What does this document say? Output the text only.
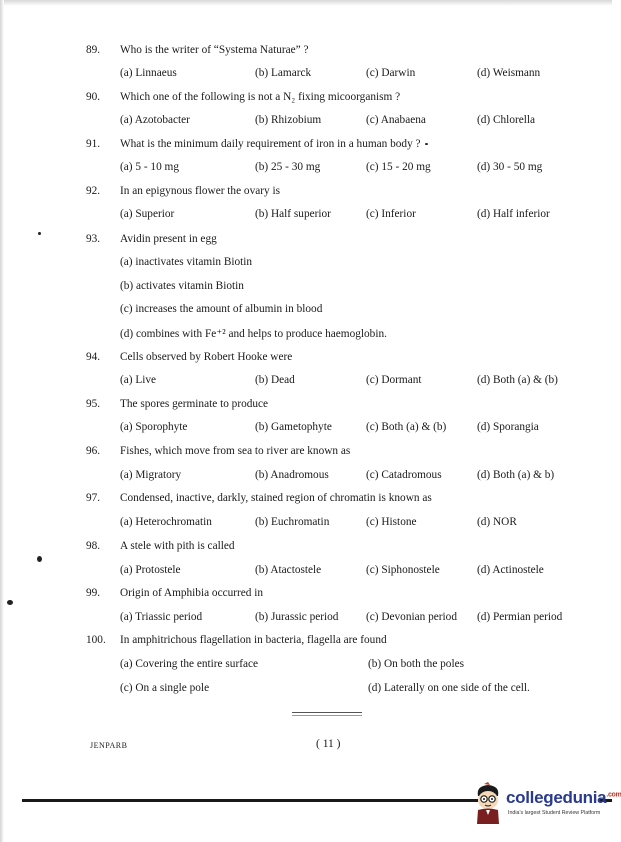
89.	Who is the writer of “Systema Naturae” ?
(a) Linnaeus	(b) Lamarck	(c) Darwin	(d) Weismann
90.	Which one of the following is not a N₂ fixing micoorganism ?
(a) Azotobacter	(b) Rhizobium	(c) Anabaena	(d) Chlorella
91.	What is the minimum daily requirement of iron in a human body ?
(a) 5 - 10 mg	(b) 25 - 30 mg	(c) 15 - 20 mg	(d) 30 - 50 mg
92.	In an epigynous flower the ovary is
(a) Superior	(b) Half superior	(c) Inferior	(d) Half inferior
93.	Avidin present in egg
(a) inactivates vitamin Biotin
(b) activates vitamin Biotin
(c) increases the amount of albumin in blood
(d) combines with Fe⁺² and helps to produce haemoglobin.
94.	Cells observed by Robert Hooke were
(a) Live	(b) Dead	(c) Dormant	(d) Both (a) & (b)
95.	The spores germinate to produce
(a) Sporophyte	(b) Gametophyte	(c) Both (a) & (b)	(d) Sporangia
96.	Fishes, which move from sea to river are known as
(a) Migratory	(b) Anadromous	(c) Catadromous	(d) Both (a) & b)
97.	Condensed, inactive, darkly, stained region of chromatin is known as
(a) Heterochromatin	(b) Euchromatin	(c) Histone	(d) NOR
98.	A stele with pith is called
(a) Protostele	(b) Atactostele	(c) Siphonostele	(d) Actinostele
99.	Origin of Amphibia occurred in
(a) Triassic period	(b) Jurassic period (c) Devonian period (d) Permian period
100.	In amphitrichous flagellation in bacteria, flagella are found
(a) Covering the entire surface	(b) On both the poles
(c) On a single pole	(d) Laterally on one side of the cell.
JENPARB	( 11 )
collegedunia$^{.com}$
India's largest Student Review Platform
